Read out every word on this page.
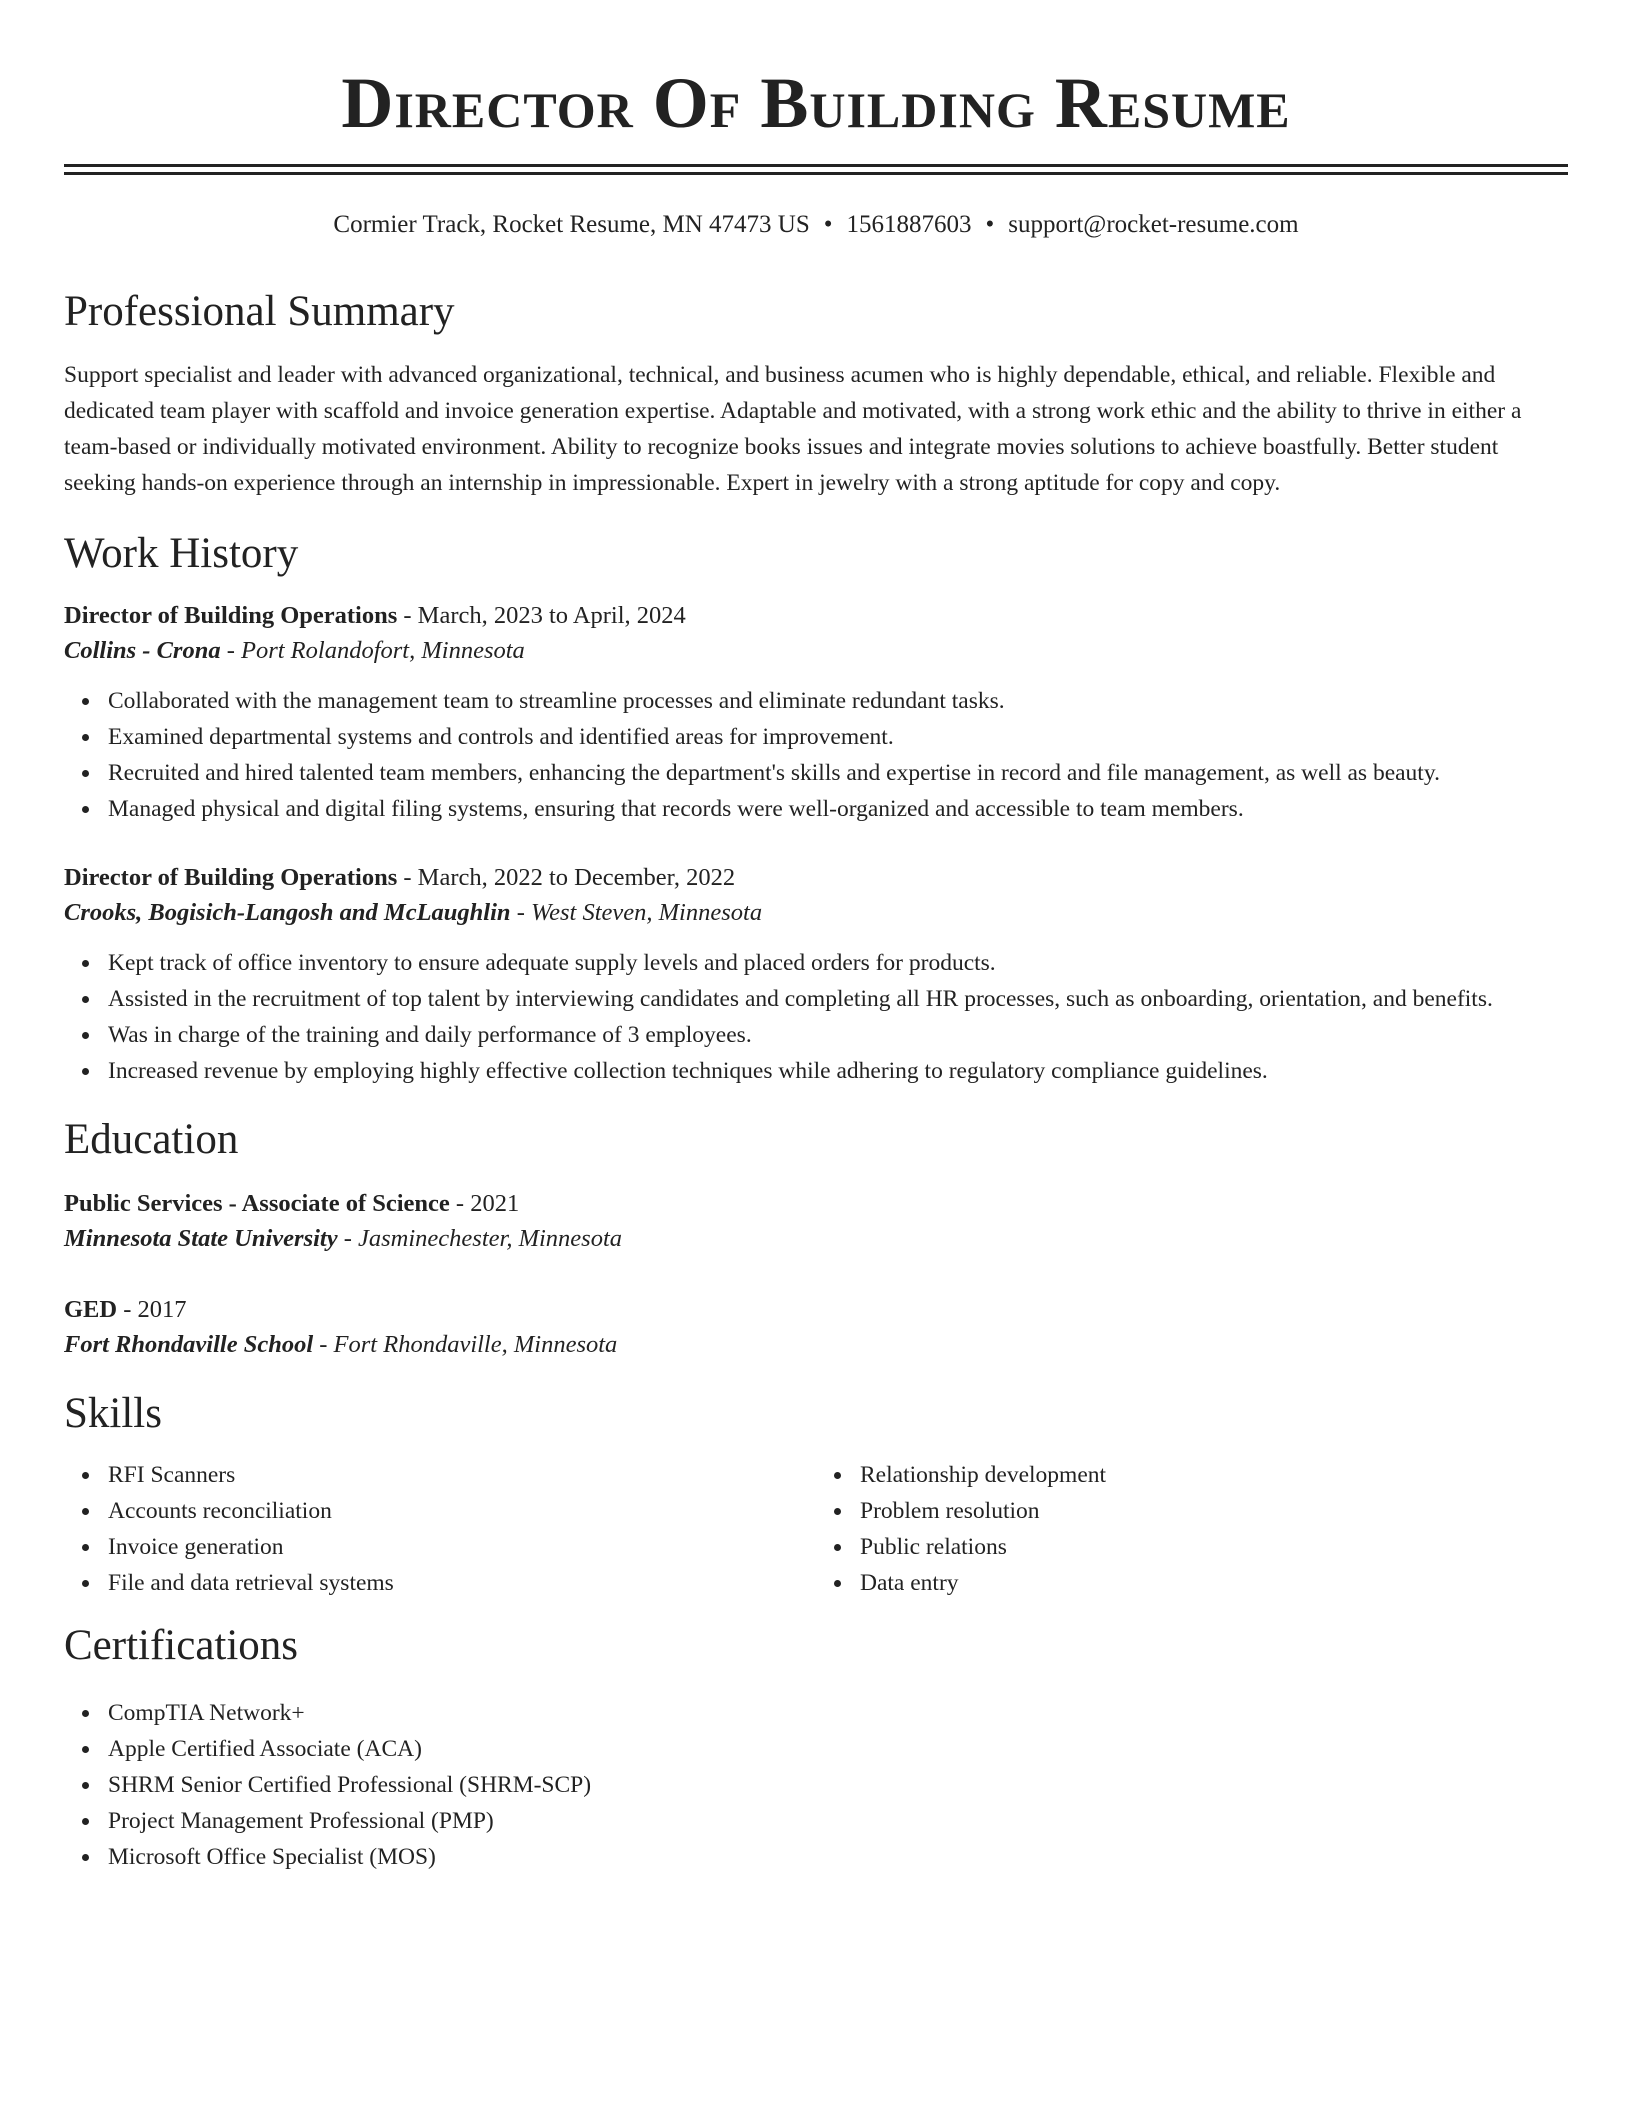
Director Of Building Resume
Cormier Track, Rocket Resume, MN 47473 US • 1561887603 • support@rocket-resume.com
Professional Summary

Support specialist and leader with advanced organizational, technical, and business acumen who is highly dependable, ethical, and reliable. Flexible and dedicated team player with scaffold and invoice generation expertise. Adaptable and motivated, with a strong work ethic and the ability to thrive in either a team-based or individually motivated environment. Ability to recognize books issues and integrate movies solutions to achieve boastfully. Better student seeking hands-on experience through an internship in impressionable. Expert in jewelry with a strong aptitude for copy and copy.

Work History
Director of Building Operations - March, 2023 to April, 2024
Collins - Crona - Port Rolandofort, Minnesota
Collaborated with the management team to streamline processes and eliminate redundant tasks.
Examined departmental systems and controls and identified areas for improvement.
Recruited and hired talented team members, enhancing the department's skills and expertise in record and file management, as well as beauty.
Managed physical and digital filing systems, ensuring that records were well-organized and accessible to team members.
Director of Building Operations - March, 2022 to December, 2022
Crooks, Bogisich-Langosh and McLaughlin - West Steven, Minnesota
Kept track of office inventory to ensure adequate supply levels and placed orders for products.
Assisted in the recruitment of top talent by interviewing candidates and completing all HR processes, such as onboarding, orientation, and benefits.
Was in charge of the training and daily performance of 3 employees.
Increased revenue by employing highly effective collection techniques while adhering to regulatory compliance guidelines.
Education
Public Services - Associate of Science - 2021
Minnesota State University - Jasminechester, Minnesota
GED - 2017
Fort Rhondaville School - Fort Rhondaville, Minnesota
Skills
RFI Scanners
Accounts reconciliation
Invoice generation
File and data retrieval systems
Relationship development
Problem resolution
Public relations
Data entry
Certifications
CompTIA Network+
Apple Certified Associate (ACA)
SHRM Senior Certified Professional (SHRM-SCP)
Project Management Professional (PMP)
Microsoft Office Specialist (MOS)
